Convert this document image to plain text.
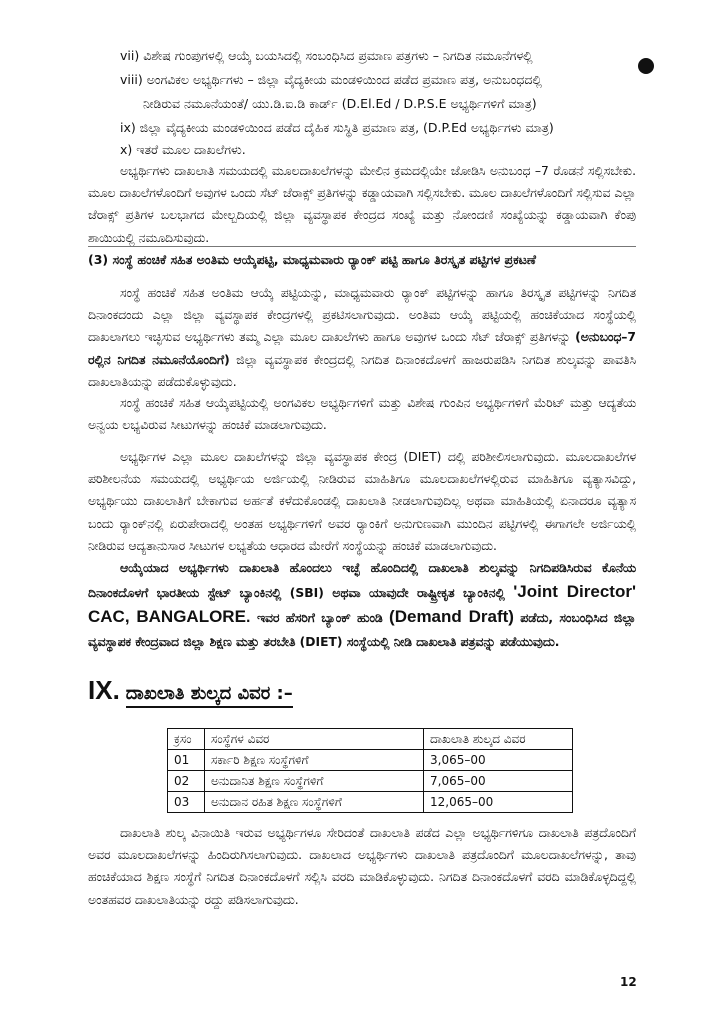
vii) ವಿಶೇಷ ಗುಂಪುಗಳಲ್ಲಿ ಆಯ್ಕೆ ಬಯಸಿದಲ್ಲಿ ಸಂಬಂಧಿಸಿದ ಪ್ರಮಾಣ ಪತ್ರಗಳು – ನಿಗದಿತ ನಮೂನೆಗಳಲ್ಲಿ
viii) ಅಂಗವಿಕಲ ಅಭ್ಯರ್ಥಿಗಳು – ಜಿಲ್ಲಾ ವೈದ್ಯಕೀಯ ಮಂಡಳಿಯಿಂದ ಪಡೆದ ಪ್ರಮಾಣ ಪತ್ರ, ಅನುಬಂಧದಲ್ಲಿ
ನೀಡಿರುವ ನಮೂನೆಯಂತೆ/ ಯು.ಡಿ.ಐ.ಡಿ ಕಾರ್ಡ್ (D.El.Ed / D.P.S.E ಅಭ್ಯರ್ಥಿಗಳಿಗೆ ಮಾತ್ರ)
ix) ಜಿಲ್ಲಾ ವೈದ್ಯಕೀಯ ಮಂಡಳಿಯಿಂದ ಪಡೆದ ದೈಹಿಕ ಸುಸ್ಥಿತಿ ಪ್ರಮಾಣ ಪತ್ರ, (D.P.Ed ಅಭ್ಯರ್ಥಿಗಳು ಮಾತ್ರ)
x) ಇತರೆ ಮೂಲ ದಾಖಲೆಗಳು.
ಅಭ್ಯರ್ಥಿಗಳು ದಾಖಲಾತಿ ಸಮಯದಲ್ಲಿ ಮೂಲದಾಖಲೆಗಳನ್ನು ಮೇಲಿನ ಕ್ರಮದಲ್ಲಿಯೇ ಜೋಡಿಸಿ ಅನುಬಂಧ –7 ರೊಡನೆ ಸಲ್ಲಿಸಬೇಕು. ಮೂಲ ದಾಖಲೆಗಳೊಂದಿಗೆ ಅವುಗಳ ಒಂದು ಸೆಟ್ ಜೆರಾಕ್ಸ್ ಪ್ರತಿಗಳನ್ನು ಕಡ್ಡಾಯವಾಗಿ ಸಲ್ಲಿಸಬೇಕು. ಮೂಲ ದಾಖಲೆಗಳೊಂದಿಗೆ ಸಲ್ಲಿಸುವ ಎಲ್ಲಾ ಜೆರಾಕ್ಸ್ ಪ್ರತಿಗಳ ಬಲಭಾಗದ ಮೇಲ್ಬದಿಯಲ್ಲಿ ಜಿಲ್ಲಾ ವ್ಯವಸ್ಥಾಪಕ ಕೇಂದ್ರದ ಸಂಖ್ಯೆ ಮತ್ತು ನೋಂದಣಿ ಸಂಖ್ಯೆಯನ್ನು ಕಡ್ಡಾಯವಾಗಿ ಕೆಂಪು ಶಾಯಿಯಲ್ಲಿ ನಮೂದಿಸುವುದು.
(3) ಸಂಸ್ಥೆ ಹಂಚಿಕೆ ಸಹಿತ ಅಂತಿಮ ಆಯ್ಕೆಪಟ್ಟಿ, ಮಾಧ್ಯಮವಾರು ರ್‍ಯಾಂಕ್ ಪಟ್ಟಿ ಹಾಗೂ ತಿರಸ್ಕೃತ ಪಟ್ಟಿಗಳ ಪ್ರಕಟಣೆ
ಸಂಸ್ಥೆ ಹಂಚಿಕೆ ಸಹಿತ ಅಂತಿಮ ಆಯ್ಕೆ ಪಟ್ಟಿಯನ್ನು, ಮಾಧ್ಯಮವಾರು ರ್‍ಯಾಂಕ್ ಪಟ್ಟಿಗಳನ್ನು ಹಾಗೂ ತಿರಸ್ಕೃತ ಪಟ್ಟಿಗಳನ್ನು ನಿಗದಿತ ದಿನಾಂಕದಂದು ಎಲ್ಲಾ ಜಿಲ್ಲಾ ವ್ಯವಸ್ಥಾಪಕ ಕೇಂದ್ರಗಳಲ್ಲಿ ಪ್ರಕಟಿಸಲಾಗುವುದು. ಅಂತಿಮ ಆಯ್ಕೆ ಪಟ್ಟಿಯಲ್ಲಿ ಹಂಚಿಕೆಯಾದ ಸಂಸ್ಥೆಯಲ್ಲಿ ದಾಖಲಾಗಲು ಇಚ್ಛಿಸುವ ಅಭ್ಯರ್ಥಿಗಳು ತಮ್ಮ ಎಲ್ಲಾ ಮೂಲ ದಾಖಲೆಗಳು ಹಾಗೂ ಅವುಗಳ ಒಂದು ಸೆಟ್ ಜೆರಾಕ್ಸ್ ಪ್ರತಿಗಳನ್ನು (ಅನುಬಂಧ–7 ರಲ್ಲಿನ ನಿಗದಿತ ನಮೂನೆಯೊಂದಿಗೆ) ಜಿಲ್ಲಾ ವ್ಯವಸ್ಥಾಪಕ ಕೇಂದ್ರದಲ್ಲಿ ನಿಗದಿತ ದಿನಾಂಕದೊಳಗೆ ಹಾಜರುಪಡಿಸಿ ನಿಗದಿತ ಶುಲ್ಕವನ್ನು ಪಾವತಿಸಿ ದಾಖಲಾತಿಯನ್ನು ಪಡೆದುಕೊಳ್ಳುವುದು.
ಸಂಸ್ಥೆ ಹಂಚಿಕೆ ಸಹಿತ ಆಯ್ಕೆಪಟ್ಟಿಯಲ್ಲಿ ಅಂಗವಿಕಲ ಅಭ್ಯರ್ಥಿಗಳಿಗೆ ಮತ್ತು ವಿಶೇಷ ಗುಂಪಿನ ಅಭ್ಯರ್ಥಿಗಳಿಗೆ ಮೆರಿಟ್ ಮತ್ತು ಆದ್ಯತೆಯ ಅನ್ವಯ ಲಭ್ಯವಿರುವ ಸೀಟುಗಳನ್ನು ಹಂಚಿಕೆ ಮಾಡಲಾಗುವುದು.
ಅಭ್ಯರ್ಥಿಗಳ ಎಲ್ಲಾ ಮೂಲ ದಾಖಲೆಗಳನ್ನು ಜಿಲ್ಲಾ ವ್ಯವಸ್ಥಾಪಕ ಕೇಂದ್ರ (DIET) ದಲ್ಲಿ ಪರಿಶೀಲಿಸಲಾಗುವುದು. ಮೂಲದಾಖಲೆಗಳ ಪರಿಶೀಲನೆಯ ಸಮಯದಲ್ಲಿ ಅಭ್ಯರ್ಥಿಯ ಅರ್ಜಿಯಲ್ಲಿ ನೀಡಿರುವ ಮಾಹಿತಿಗೂ ಮೂಲದಾಖಲೆಗಳಲ್ಲಿರುವ ಮಾಹಿತಿಗೂ ವ್ಯತ್ಯಾಸವಿದ್ದು, ಅಭ್ಯರ್ಥಿಯು ದಾಖಲಾತಿಗೆ ಬೇಕಾಗುವ ಅರ್ಹತೆ ಕಳೆದುಕೊಂಡಲ್ಲಿ ದಾಖಲಾತಿ ನೀಡಲಾಗುವುದಿಲ್ಲ ಅಥವಾ ಮಾಹಿತಿಯಲ್ಲಿ ಏನಾದರೂ ವ್ಯತ್ಯಾಸ ಬಂದು ರ್‍ಯಾಂಕ್‌ನಲ್ಲಿ ಏರುಪೇರಾದಲ್ಲಿ ಅಂತಹ ಅಭ್ಯರ್ಥಿಗಳಿಗೆ ಅವರ ರ್‍ಯಾಂಕಿಗೆ ಅನುಗುಣವಾಗಿ ಮುಂದಿನ ಪಟ್ಟಿಗಳಲ್ಲಿ ಈಗಾಗಲೇ ಅರ್ಜಿಯಲ್ಲಿ ನೀಡಿರುವ ಆದ್ಯತಾನುಸಾರ ಸೀಟುಗಳ ಲಭ್ಯತೆಯ ಆಧಾರದ ಮೇರೆಗೆ ಸಂಸ್ಥೆಯನ್ನು ಹಂಚಿಕೆ ಮಾಡಲಾಗುವುದು.
ಆಯ್ಕೆಯಾದ ಅಭ್ಯರ್ಥಿಗಳು ದಾಖಲಾತಿ ಹೊಂದಲು ಇಚ್ಛೆ ಹೊಂದಿದಲ್ಲಿ ದಾಖಲಾತಿ ಶುಲ್ಕವನ್ನು ನಿಗದಿಪಡಿಸಿರುವ ಕೊನೆಯ ದಿನಾಂಕದೊಳಗೆ ಭಾರತೀಯ ಸ್ಟೇಟ್ ಬ್ಯಾಂಕಿನಲ್ಲಿ (SBI) ಅಥವಾ ಯಾವುದೇ ರಾಷ್ಟ್ರೀಕೃತ ಬ್ಯಾಂಕಿನಲ್ಲಿ 'Joint Director' CAC, BANGALORE. ಇವರ ಹೆಸರಿಗೆ ಬ್ಯಾಂಕ್ ಹುಂಡಿ (Demand Draft) ಪಡೆದು, ಸಂಬಂಧಿಸಿದ ಜಿಲ್ಲಾ ವ್ಯವಸ್ಥಾಪಕ ಕೇಂದ್ರವಾದ ಜಿಲ್ಲಾ ಶಿಕ್ಷಣ ಮತ್ತು ತರಬೇತಿ (DIET) ಸಂಸ್ಥೆಯಲ್ಲಿ ನೀಡಿ ದಾಖಲಾತಿ ಪತ್ರವನ್ನು ಪಡೆಯುವುದು.
IX. ದಾಖಲಾತಿ ಶುಲ್ಕದ ವಿವರ :–
ಕ್ರಸಂ	ಸಂಸ್ಥೆಗಳ ವಿವರ	ದಾಖಲಾತಿ ಶುಲ್ಕದ ವಿವರ
01	ಸರ್ಕಾರಿ ಶಿಕ್ಷಣ ಸಂಸ್ಥೆಗಳಿಗೆ	3,065–00
02	ಅನುದಾನಿತ ಶಿಕ್ಷಣ ಸಂಸ್ಥೆಗಳಿಗೆ	7,065–00
03	ಅನುದಾನ ರಹಿತ ಶಿಕ್ಷಣ ಸಂಸ್ಥೆಗಳಿಗೆ	12,065–00
ದಾಖಲಾತಿ ಶುಲ್ಕ ವಿನಾಯಿತಿ ಇರುವ ಅಭ್ಯರ್ಥಿಗಳೂ ಸೇರಿದಂತೆ ದಾಖಲಾತಿ ಪಡೆದ ಎಲ್ಲಾ ಅಭ್ಯರ್ಥಿಗಳಿಗೂ ದಾಖಲಾತಿ ಪತ್ರದೊಂದಿಗೆ ಅವರ ಮೂಲದಾಖಲೆಗಳನ್ನು ಹಿಂದಿರುಗಿಸಲಾಗುವುದು. ದಾಖಲಾದ ಅಭ್ಯರ್ಥಿಗಳು ದಾಖಲಾತಿ ಪತ್ರದೊಂದಿಗೆ ಮೂಲದಾಖಲೆಗಳನ್ನು, ತಾವು ಹಂಚಿಕೆಯಾದ ಶಿಕ್ಷಣ ಸಂಸ್ಥೆಗೆ ನಿಗದಿತ ದಿನಾಂಕದೊಳಗೆ ಸಲ್ಲಿಸಿ ವರದಿ ಮಾಡಿಕೊಳ್ಳುವುದು. ನಿಗದಿತ ದಿನಾಂಕದೊಳಗೆ ವರದಿ ಮಾಡಿಕೊಳ್ಳದಿದ್ದಲ್ಲಿ ಅಂತಹವರ ದಾಖಲಾತಿಯನ್ನು ರದ್ದು ಪಡಿಸಲಾಗುವುದು.
12
